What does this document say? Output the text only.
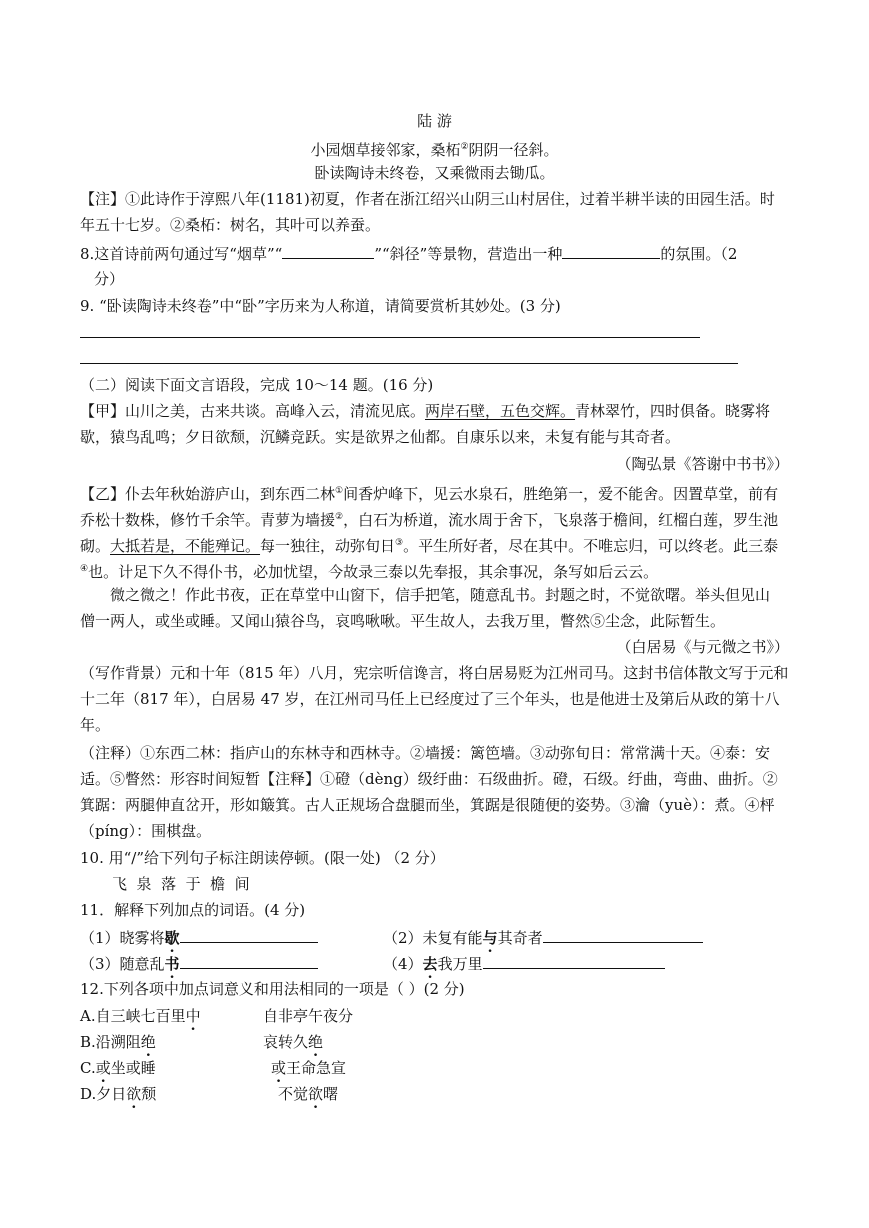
陆 游
小园烟草接邻家，桑柘②阴阴一径斜。
卧读陶诗未终卷，又乘微雨去锄瓜。
【注】①此诗作于淳熙八年(1181)初夏，作者在浙江绍兴山阴三山村居住，过着半耕半读的田园生活。时
年五十七岁。②桑柘：树名，其叶可以养蚕。
8.这首诗前两句通过写“烟草”“	”“斜径”等景物，营造出一种	的氛围。（2
分）
9. “卧读陶诗未终卷”中“卧”字历来为人称道，请简要赏析其妙处。(3 分)
（二）阅读下面文言语段，完成 10～14 题。(16 分)
【甲】山川之美，古来共谈。高峰入云，清流见底。两岸石壁，五色交辉。青林翠竹，四时俱备。晓雾将
歇，猿鸟乱鸣；夕日欲颓，沉鳞竞跃。实是欲界之仙都。自康乐以来，未复有能与其奇者。
（陶弘景《答谢中书书》）
【乙】仆去年秋始游庐山，到东西二林①间香炉峰下，见云水泉石，胜绝第一，爱不能舍。因置草堂，前有
乔松十数株，修竹千余竿。青萝为墙援②，白石为桥道，流水周于舍下，飞泉落于檐间，红榴白莲，罗生池
砌。大抵若是，不能殚记。每一独往，动弥旬日③。平生所好者，尽在其中。不唯忘归，可以终老。此三泰
④也。计足下久不得仆书，必加忧望，今故录三泰以先奉报，其余事况，条写如后云云。
微之微之！作此书夜，正在草堂中山窗下，信手把笔，随意乱书。封题之时，不觉欲曙。举头但见山
僧一两人，或坐或睡。又闻山猿谷鸟，哀鸣啾啾。平生故人，去我万里，瞥然⑤尘念，此际暂生。
（白居易《与元微之书》）
（写作背景）元和十年（815 年）八月，宪宗听信谗言，将白居易贬为江州司马。这封书信体散文写于元和
十二年（817 年），白居易 47 岁，在江州司马任上已经度过了三个年头，也是他进士及第后从政的第十八
年。
（注释）①东西二林：指庐山的东林寺和西林寺。②墙援：篱笆墙。③动弥旬日：常常满十天。④泰：安
适。⑤瞥然：形容时间短暂【注释】①磴（dèng）级纡曲：石级曲折。磴，石级。纡曲，弯曲、曲折。②
箕踞：两腿伸直岔开，形如簸箕。古人正规场合盘腿而坐，箕踞是很随便的姿势。③瀹（yuè）：煮。④枰
（píng）：围棋盘。
10. 用“/”给下列句子标注朗读停顿。(限一处) （2 分）
飞  泉  落  于  檐  间
11．解释下列加点的词语。(4 分)
（1）晓雾将歇	（2）未复有能与其奇者
（3）随意乱书	（4）去我万里
12.下列各项中加点词意义和用法相同的一项是（ ）(2 分)
A.自三峡七百里中	自非亭午夜分
B.沿溯阻绝	哀转久绝
C.或坐或睡	或王命急宣
D.夕日欲颓	不觉欲曙
